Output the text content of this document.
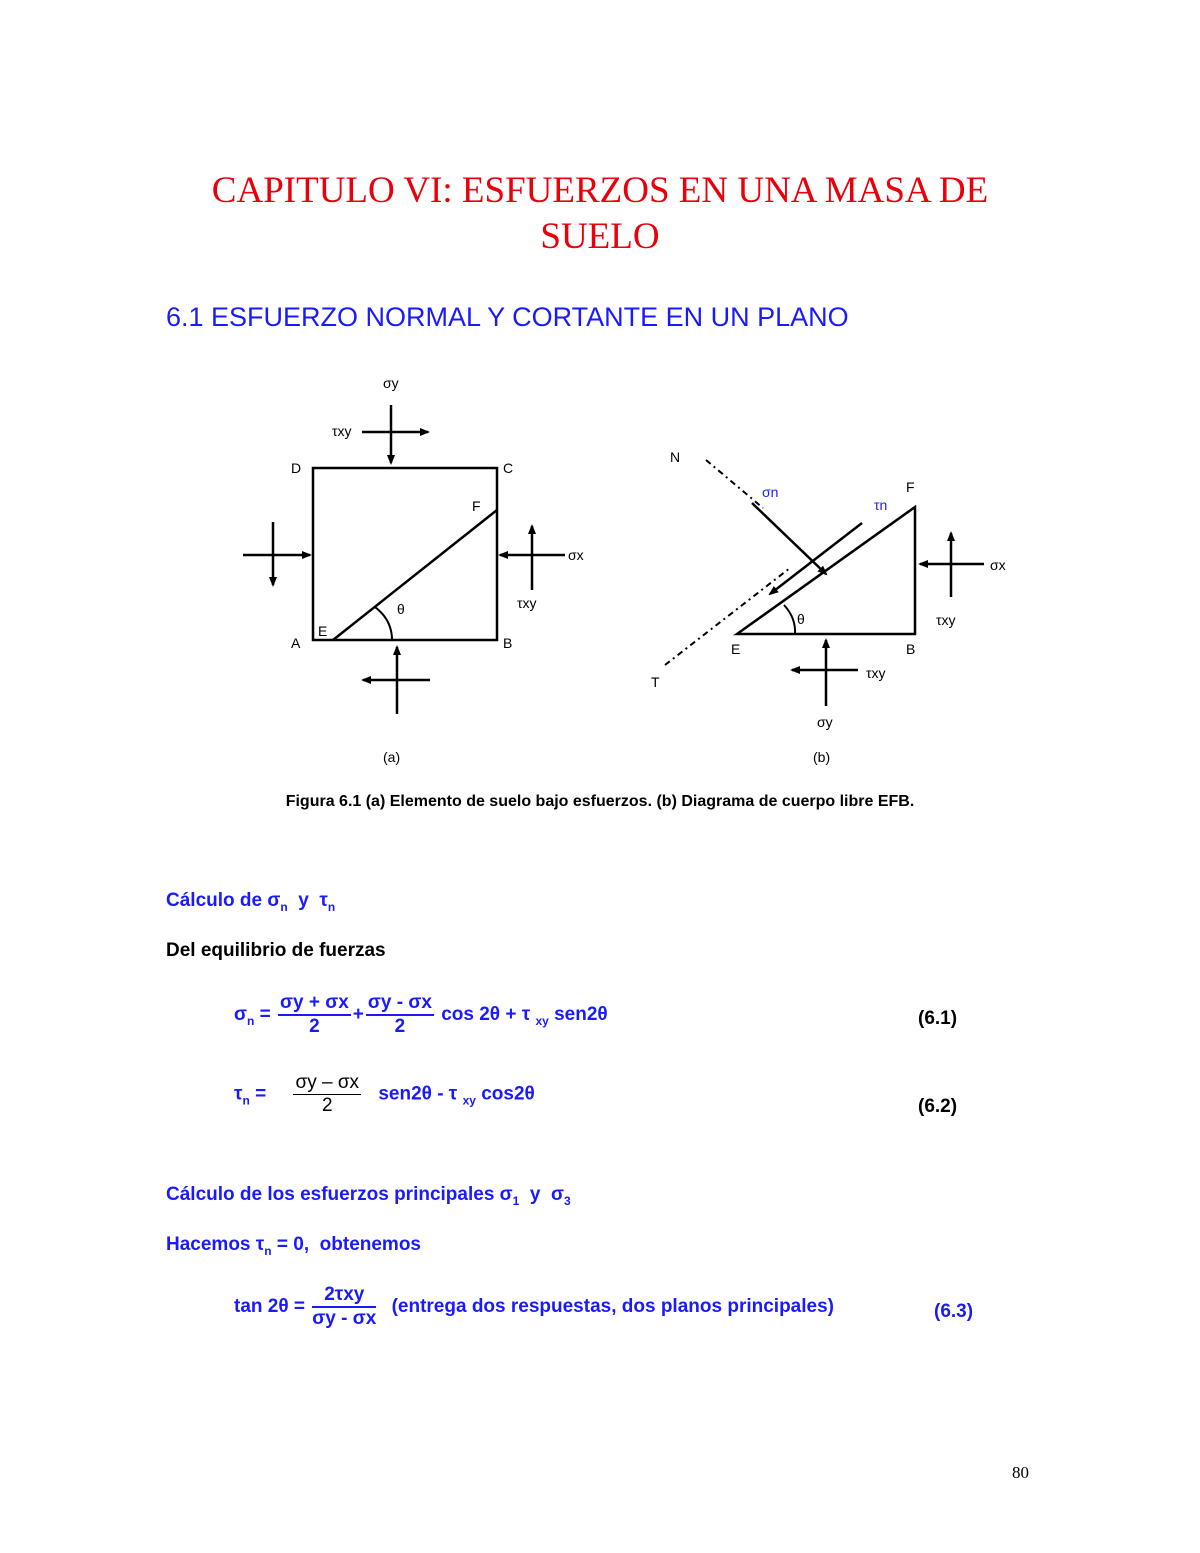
CAPITULO VI: ESFUERZOS EN UNA MASA DE
SUELO
6.1 ESFUERZO NORMAL Y CORTANTE EN UN PLANO
σy
τxy
D	C
F
σx
τxy
θ
A
E
B
(a)
N
σn
τn
F
σx
τxy
θ
E	B
T
τxy
σy
(b)
Figura 6.1 (a) Elemento de suelo bajo esfuerzos. (b) Diagrama de cuerpo libre EFB.
Cálculo de $\sigma_n$  y  $\tau_n$
Del equilibrio de fuerzas
$\sigma_n = \frac{\sigma y + \sigma x}{2} + \frac{\sigma y - \sigma x}{2}$ cos 2θ + τ $_{xy}$ sen2θ	(6.1)
$\tau_n = \frac{\sigma y - \sigma x}{2} sen2\theta - \tau$ $_{xy}$ cos2θ
(6.2)
Cálculo de los esfuerzos principales $\sigma_1$  y  $\sigma_3$
Hacemos $\tau_n = 0$,  obtenemos
$\tan 2\theta = \frac{\text{2τxy}}{\sigma y - \sigma x}$ (entrega dos respuestas, dos planos principales)	(6.3)
80
